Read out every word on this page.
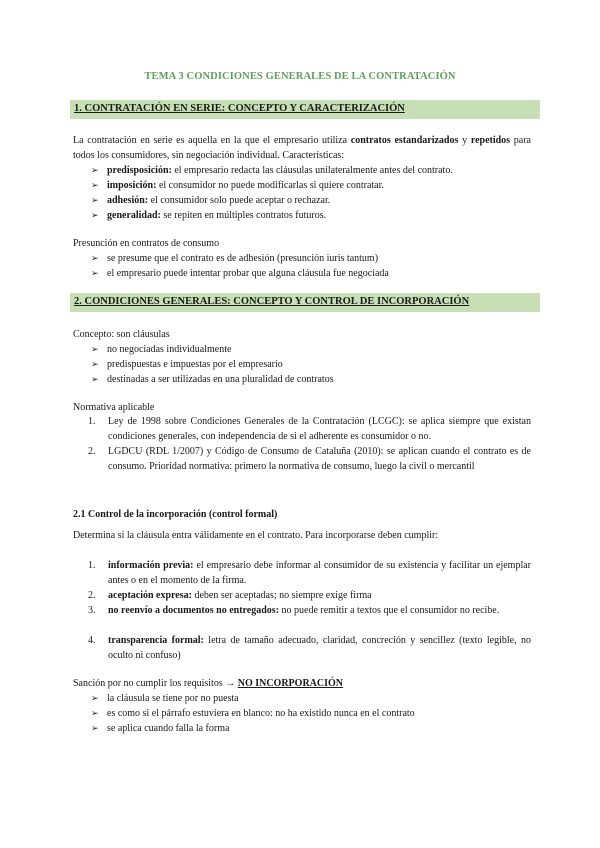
TEMA 3 CONDICIONES GENERALES DE LA CONTRATACIÓN
1. CONTRATACIÓN EN SERIE: CONCEPTO Y CARACTERIZACIÓN
La contratación en serie es aquella en la que el empresario utiliza contratos estandarizados y repetidos para todos los consumidores, sin negociación individual. Características:
➢ predisposición: el empresario redacta las cláusulas unilateralmente antes del contrato.
➢ imposición: el consumidor no puede modificarlas si quiere contratar.
➢ adhesión: el consumidor solo puede aceptar o rechazar.
➢ generalidad: se repiten en múltiples contratos futuros.
Presunción en contratos de consumo
➢ se presume que el contrato es de adhesión (presunción iuris tantum)
➢ el empresario puede intentar probar que alguna cláusula fue negociada
2. CONDICIONES GENERALES: CONCEPTO Y CONTROL DE INCORPORACIÓN
Concepto: son cláusulas
➢ no negociadas individualmente
➢ predispuestas e impuestas por el empresario
➢ destinadas a ser utilizadas en una pluralidad de contratos
Normativa aplicable
1.	Ley de 1998 sobre Condiciones Generales de la Contratación (LCGC): se aplica siempre que existan condiciones generales, con independencia de si el adherente es consumidor o no.
2.	LGDCU (RDL 1/2007) y Código de Consumo de Cataluña (2010): se aplican cuando el contrato es de consumo. Prioridad normativa: primero la normativa de consumo, luego la civil o mercantil
2.1 Control de la incorporación (control formal)
Determina si la cláusula entra válidamente en el contrato. Para incorporarse deben cumplir:
1.	información previa: el empresario debe informar al consumidor de su existencia y facilitar un ejemplar antes o en el momento de la firma.
2.	aceptación expresa: deben ser aceptadas; no siempre exige firma
3.	no reenvío a documentos no entregados: no puede remitir a textos que el consumidor no recibe.
4.	transparencia formal: letra de tamaño adecuado, claridad, concreción y sencillez (texto legible, no oculto ni confuso)
Sanción por no cumplir los requisitos → NO INCORPORACIÓN
➢ la cláusula se tiene por no puesta
➢ es como si el párrafo estuviera en blanco: no ha existido nunca en el contrato
➢ se aplica cuando falla la forma
